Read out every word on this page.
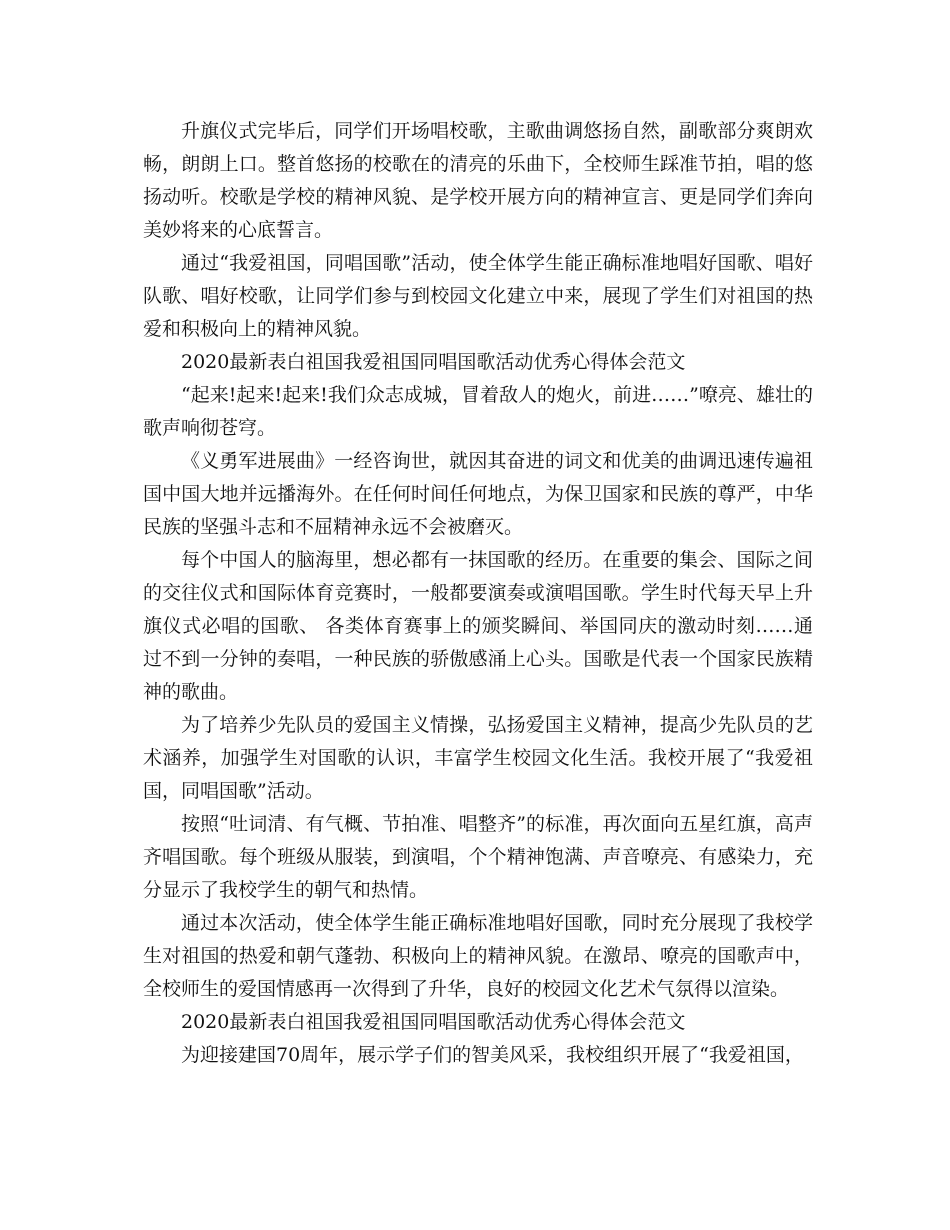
升旗仪式完毕后，同学们开场唱校歌，主歌曲调悠扬自然，副歌部分爽朗欢畅，朗朗上口。整首悠扬的校歌在的清亮的乐曲下，全校师生踩准节拍，唱的悠扬动听。校歌是学校的精神风貌、是学校开展方向的精神宣言、更是同学们奔向美妙将来的心底誓言。

通过“我爱祖国，同唱国歌”活动，使全体学生能正确标准地唱好国歌、唱好队歌、唱好校歌，让同学们参与到校园文化建立中来，展现了学生们对祖国的热爱和积极向上的精神风貌。

2020最新表白祖国我爱祖国同唱国歌活动优秀心得体会范文

“起来!起来!起来!我们众志成城，冒着敌人的炮火，前进……”嘹亮、雄壮的歌声响彻苍穹。

《义勇军进展曲》一经咨询世，就因其奋进的词文和优美的曲调迅速传遍祖国中国大地并远播海外。在任何时间任何地点，为保卫国家和民族的尊严，中华民族的坚强斗志和不屈精神永远不会被磨灭。

每个中国人的脑海里，想必都有一抹国歌的经历。在重要的集会、国际之间的交往仪式和国际体育竞赛时，一般都要演奏或演唱国歌。学生时代每天早上升旗仪式必唱的国歌、 各类体育赛事上的颁奖瞬间、举国同庆的激动时刻……通过不到一分钟的奏唱，一种民族的骄傲感涌上心头。国歌是代表一个国家民族精神的歌曲。

为了培养少先队员的爱国主义情操，弘扬爱国主义精神，提高少先队员的艺术涵养，加强学生对国歌的认识，丰富学生校园文化生活。我校开展了“我爱祖国，同唱国歌”活动。

按照“吐词清、有气概、节拍准、唱整齐”的标准，再次面向五星红旗，高声齐唱国歌。每个班级从服装，到演唱，个个精神饱满、声音嘹亮、有感染力，充分显示了我校学生的朝气和热情。

通过本次活动，使全体学生能正确标准地唱好国歌，同时充分展现了我校学生对祖国的热爱和朝气蓬勃、积极向上的精神风貌。在激昂、嘹亮的国歌声中，全校师生的爱国情感再一次得到了升华，良好的校园文化艺术气氛得以渲染。

2020最新表白祖国我爱祖国同唱国歌活动优秀心得体会范文

为迎接建国70周年，展示学子们的智美风采，我校组织开展了“我爱祖国，
